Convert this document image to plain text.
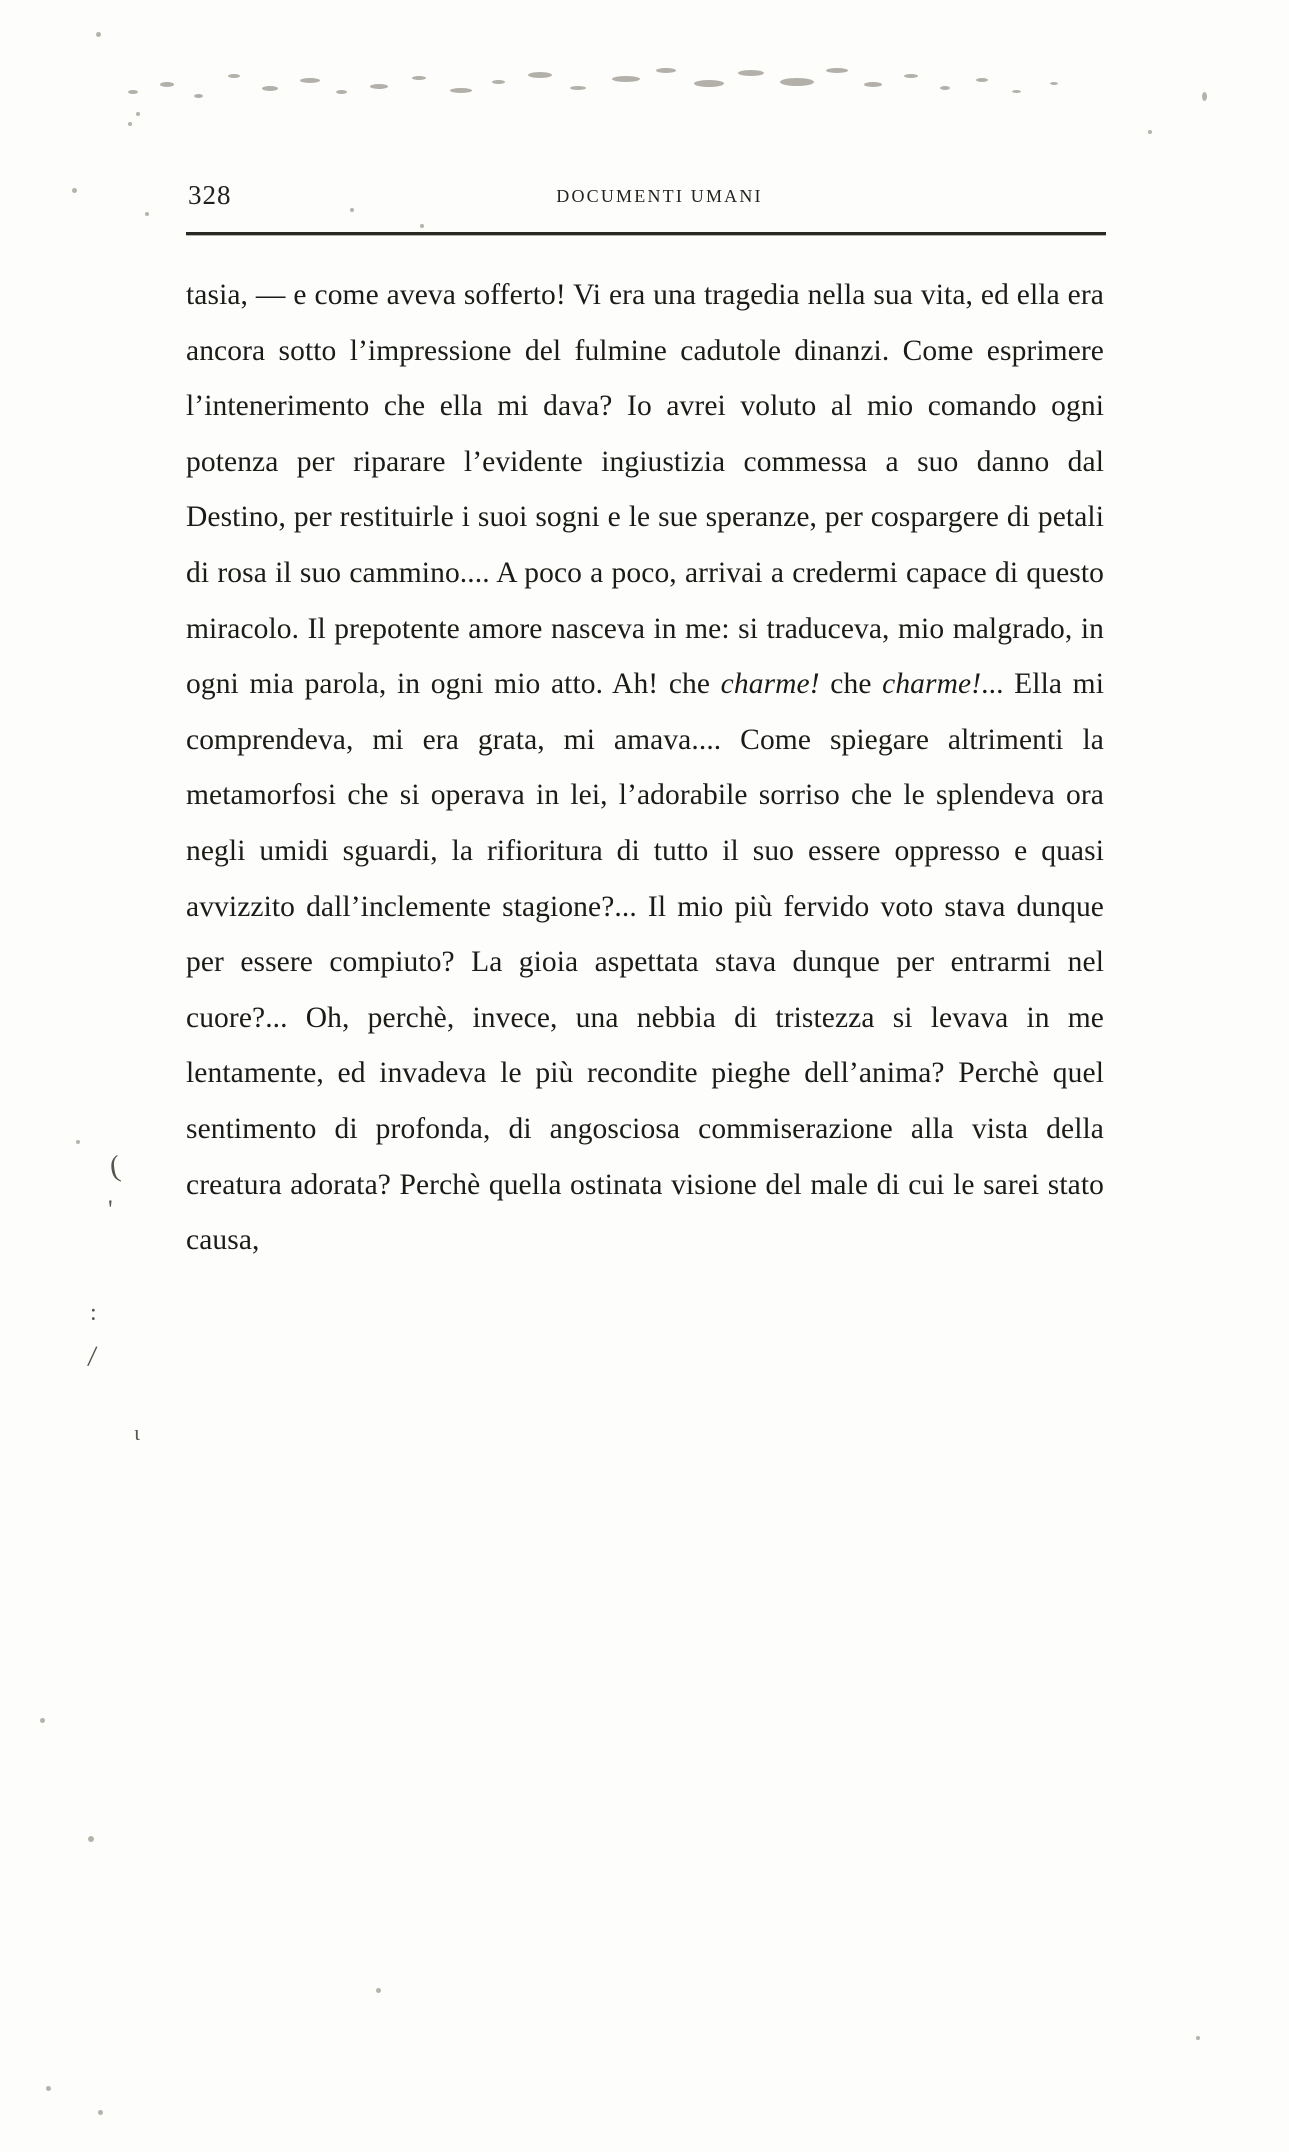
(
'
:
/
ɩ
328	DOCUMENTI UMANI

tasia, — e come aveva sofferto! Vi era una tragedia nella sua vita, ed ella era ancora sotto l’impressione del fulmine cadutole dinanzi. Come esprimere l’intenerimento che ella mi dava? Io avrei voluto al mio comando ogni potenza per riparare l’evidente ingiustizia commessa a suo danno dal Destino, per restituirle i suoi sogni e le sue speranze, per cospargere di petali di rosa il suo cammino.... A poco a poco, arrivai a credermi capace di questo miracolo. Il prepotente amore nasceva in me: si traduceva, mio malgrado, in ogni mia parola, in ogni mio atto. Ah! che charme! che charme!... Ella mi comprendeva, mi era grata, mi amava.... Come spiegare altrimenti la metamorfosi che si operava in lei, l’adorabile sorriso che le splendeva ora negli umidi sguardi, la rifioritura di tutto il suo essere oppresso e quasi avvizzito dall’inclemente stagione?... Il mio più fervido voto stava dunque per essere compiuto? La gioia aspettata stava dunque per entrarmi nel cuore?... Oh, perchè, invece, una nebbia di tristezza si levava in me lentamente, ed invadeva le più recondite pieghe dell’anima? Perchè quel sentimento di profonda, di angosciosa commiserazione alla vista della creatura adorata? Perchè quella ostinata visione del male di cui le sarei stato causa,
